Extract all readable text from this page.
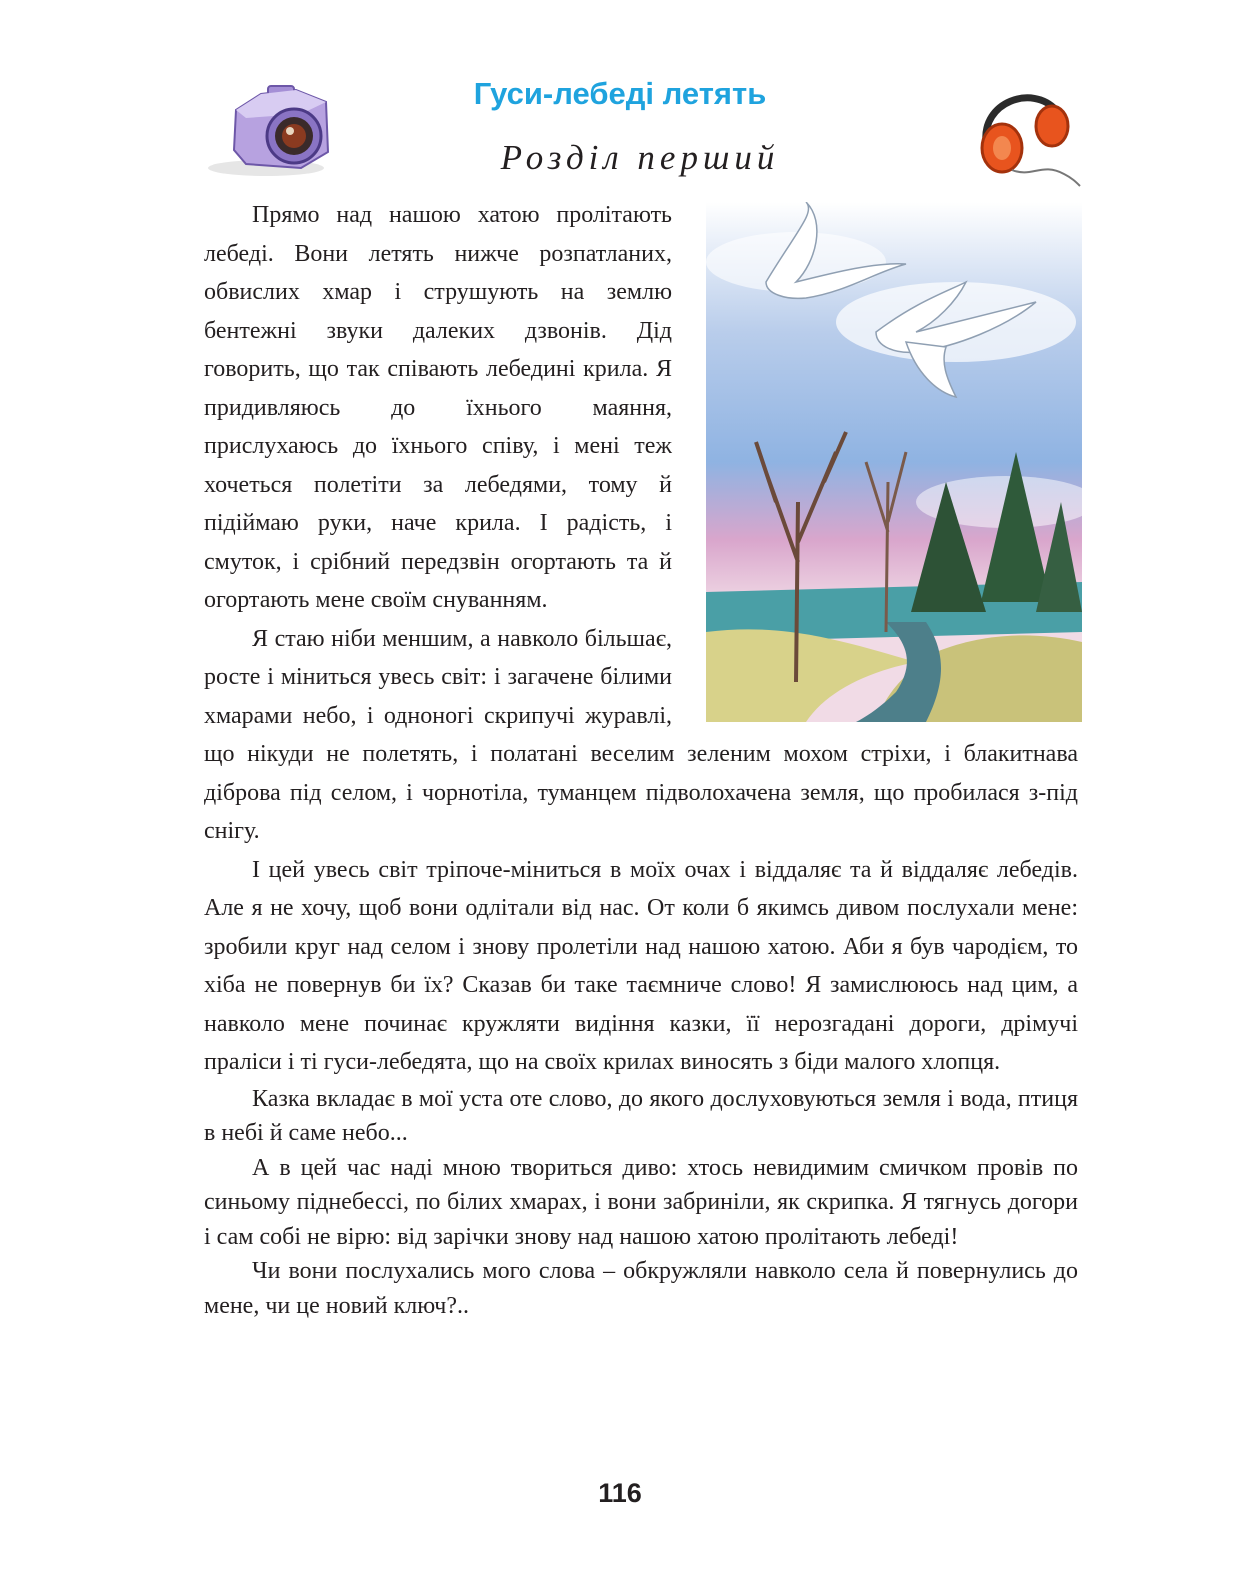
Гуси-лебеді летять
Розділ перший

Прямо над нашою хатою пролітають лебеді. Вони летять нижче розпатланих, обвислих хмар і струшують на землю бентежні звуки далеких дзвонів. Дід говорить, що так співають лебедині крила. Я придивляюсь до їхнього маяння, прислухаюсь до їхнього співу, і мені теж хочеться полетіти за лебедями, тому й підіймаю руки, наче крила. І радість, і смуток, і срібний передзвін огортають та й огортають мене своїм снуванням.

Я стаю ніби меншим, а навколо більшає, росте і міниться увесь світ: і загачене білими хмарами небо, і одноногі скрипучі журавлі, що нікуди не полетять, і полатані веселим зеленим мохом стріхи, і блакитнава діброва під селом, і чорнотіла, туманцем підволохачена земля, що пробилася з-під снігу.

І цей увесь світ тріпоче-міниться в моїх очах і віддаляє та й віддаляє лебедів. Але я не хочу, щоб вони одлітали від нас. От коли б якимсь дивом послухали мене: зробили круг над селом і знову пролетіли над нашою хатою. Аби я був чародієм, то хіба не повернув би їх? Сказав би таке таємниче слово! Я замислююсь над цим, а навколо мене починає кружляти видіння казки, її нерозгадані дороги, дрімучі праліси і ті гуси-лебедята, що на своїх крилах виносять з біди малого хлопця.

Казка вкладає в мої уста оте слово, до якого дослуховуються земля і вода, птиця в небі й саме небо...

А в цей час наді мною твориться диво: хтось невидимим смичком провів по синьому піднебессі, по білих хмарах, і вони забриніли, як скрипка. Я тягнусь догори і сам собі не вірю: від зарічки знову над нашою хатою пролітають лебеді!

Чи вони послухались мого слова – обкружляли навколо села й повернулись до мене, чи це новий ключ?..

116
